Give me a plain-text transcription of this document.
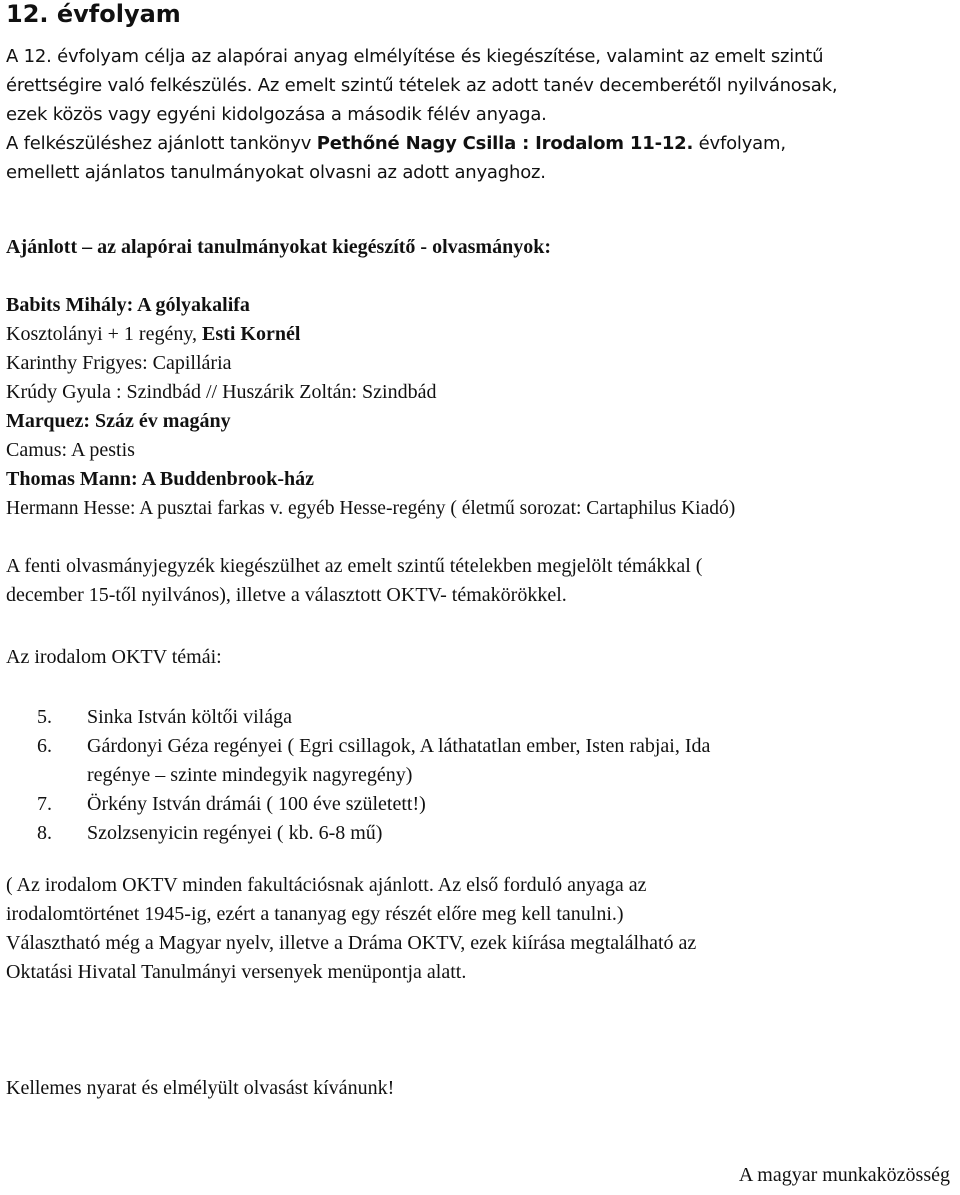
12. évfolyam
A 12. évfolyam célja az alapórai anyag elmélyítése és kiegészítése, valamint az emelt szintű
érettségire való felkészülés. Az emelt szintű tételek az adott tanév decemberétől nyilvánosak,
ezek közös vagy egyéni kidolgozása a második félév anyaga.
A felkészüléshez ajánlott tankönyv Pethőné Nagy Csilla : Irodalom 11-12. évfolyam,
emellett ajánlatos tanulmányokat olvasni az adott anyaghoz.
Ajánlott – az alapórai tanulmányokat kiegészítő - olvasmányok:
Babits Mihály: A gólyakalifa
Kosztolányi + 1 regény, Esti Kornél
Karinthy Frigyes: Capillária
Krúdy Gyula : Szindbád // Huszárik Zoltán: Szindbád
Marquez: Száz év magány
Camus: A pestis
Thomas Mann: A Buddenbrook-ház
Hermann Hesse: A pusztai farkas v. egyéb Hesse-regény ( életmű sorozat: Cartaphilus Kiadó)
A fenti olvasmányjegyzék kiegészülhet az emelt szintű tételekben megjelölt témákkal (
december 15-től nyilvános), illetve a választott OKTV- témakörökkel.
Az irodalom OKTV témái:
5. Sinka István költői világa
6. Gárdonyi Géza regényei ( Egri csillagok, A láthatatlan ember, Isten rabjai, Ida
regénye – szinte mindegyik nagyregény)
7. Örkény István drámái ( 100 éve született!)
8. Szolzsenyicin regényei ( kb. 6-8 mű)
( Az irodalom OKTV minden fakultációsnak ajánlott. Az első forduló anyaga az
irodalomtörténet 1945-ig, ezért a tananyag egy részét előre meg kell tanulni.)
Választható még a Magyar nyelv, illetve a Dráma OKTV, ezek kiírása megtalálható az
Oktatási Hivatal Tanulmányi versenyek menüpontja alatt.
Kellemes nyarat és elmélyült olvasást kívánunk!
A magyar munkaközösség
